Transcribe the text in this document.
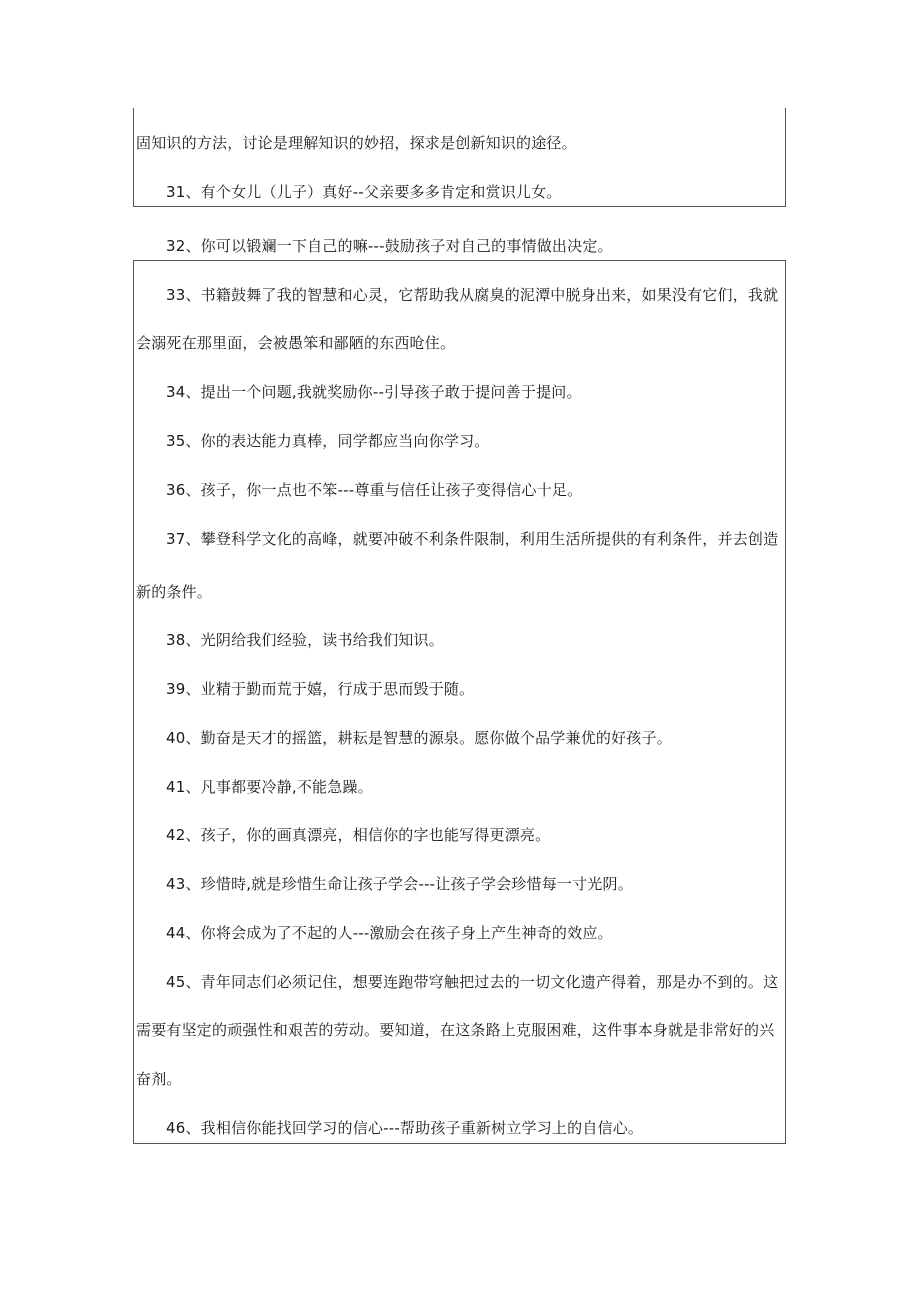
固知识的方法，讨论是理解知识的妙招，探求是创新知识的途径。
31、有个女儿（儿子）真好--父亲要多多肯定和赏识儿女。
32、你可以锻斓一下自己的嘛---鼓励孩子对自己的事情做出决定。
33、书籍鼓舞了我的智慧和心灵，它帮助我从腐臭的泥潭中脱身出来，如果没有它们，我就
会溺死在那里面，会被愚笨和鄙陋的东西呛住。
34、提出一个问题,我就奖励你--引导孩子敢于提问善于提问。
35、你的表达能力真棒，同学都应当向你学习。
36、孩子，你一点也不笨---尊重与信任让孩子变得信心十足。
37、攀登科学文化的高峰，就要冲破不利条件限制，利用生活所提供的有利条件，并去创造
新的条件。
38、光阴给我们经验，读书给我们知识。
39、业精于勤而荒于嬉，行成于思而毁于随。
40、勤奋是天才的摇篮，耕耘是智慧的源泉。愿你做个品学兼优的好孩子。
41、凡事都要冷静,不能急躁。
42、孩子，你的画真漂亮，相信你的字也能写得更漂亮。
43、珍惜時,就是珍惜生命让孩子学会---让孩子学会珍惜每一寸光阴。
44、你将会成为了不起的人---激励会在孩子身上产生神奇的效应。
45、青年同志们必须记住，想要连跑带穹触把过去的一切文化遗产得着，那是办不到的。这
需要有坚定的顽强性和艰苦的劳动。要知道，在这条路上克服困难，这件事本身就是非常好的兴
奋剂。
46、我相信你能找回学习的信心---帮助孩子重新树立学习上的自信心。
